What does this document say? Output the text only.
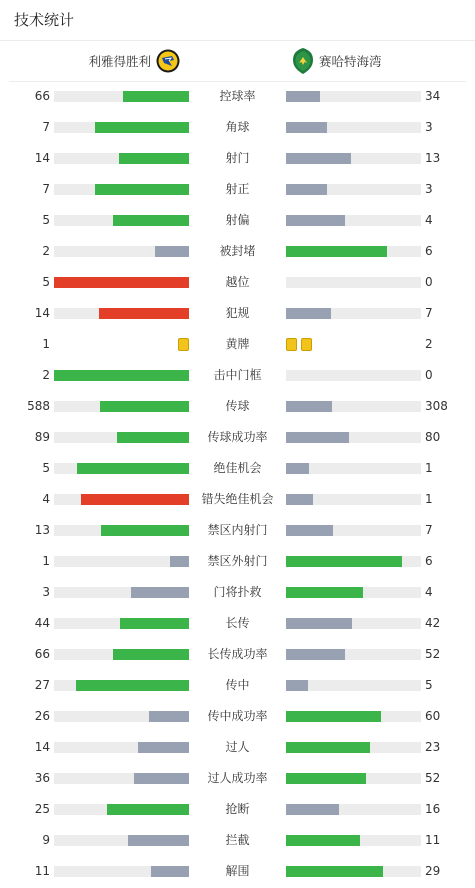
技术统计
利雅得胜利	赛哈特海湾
66	控球率	34
7	角球	3
14	射门	13
7	射正	3
5	射偏	4
2	被封堵	6
5	越位	0
14	犯规	7
1	黄牌	2
2	击中门框	0
588	传球	308
89	传球成功率	80
5	绝佳机会	1
4	错失绝佳机会	1
13	禁区内射门	7
1	禁区外射门	6
3	门将扑救	4
44	长传	42
66	长传成功率	52
27	传中	5
26	传中成功率	60
14	过人	23
36	过人成功率	52
25	抢断	16
9	拦截	11
11	解围	29
